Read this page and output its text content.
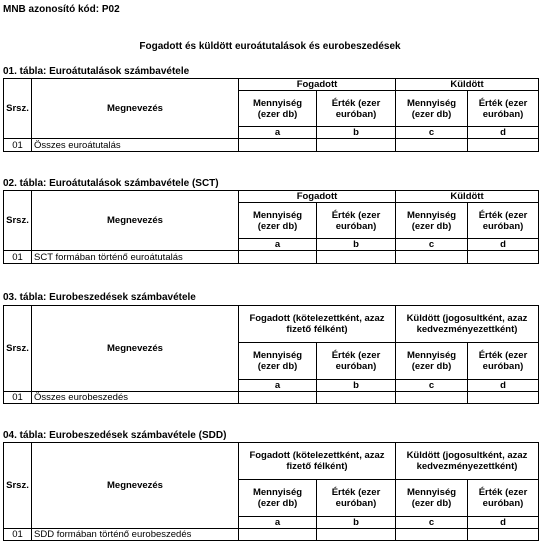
MNB azonosító kód: P02
Fogadott és küldött euroátutalások és eurobeszedések
01. tábla: Euroátutalások számbavétele
Srsz.	Megnevezés	Fogadott		Küldött	
		Mennyiség (ezer db)	Érték (ezer euróban)	Mennyiség (ezer db)	Érték (ezer euróban)
		a	b	c	d
01	Összes euroátutalás				
02. tábla: Euroátutalások számbavétele (SCT)
Srsz.	Megnevezés	Fogadott		Küldött	
		Mennyiség (ezer db)	Érték (ezer euróban)	Mennyiség (ezer db)	Érték (ezer euróban)
		a	b	c	d
01	SCT formában történő euroátutalás				
03. tábla: Eurobeszedések számbavétele
Srsz.	Megnevezés	Fogadott (kötelezettként, azaz fizető félként)		Küldött (jogosultként, azaz kedvezményezettként)	
		Mennyiség (ezer db)	Érték (ezer euróban)	Mennyiség (ezer db)	Érték (ezer euróban)
		a	b	c	d
01	Összes eurobeszedés				
04. tábla: Eurobeszedések számbavétele (SDD)
Srsz.	Megnevezés	Fogadott (kötelezettként, azaz fizető félként)		Küldött (jogosultként, azaz kedvezményezettként)	
		Mennyiség (ezer db)	Érték (ezer euróban)	Mennyiség (ezer db)	Érték (ezer euróban)
		a	b	c	d
01	SDD formában történő eurobeszedés				
